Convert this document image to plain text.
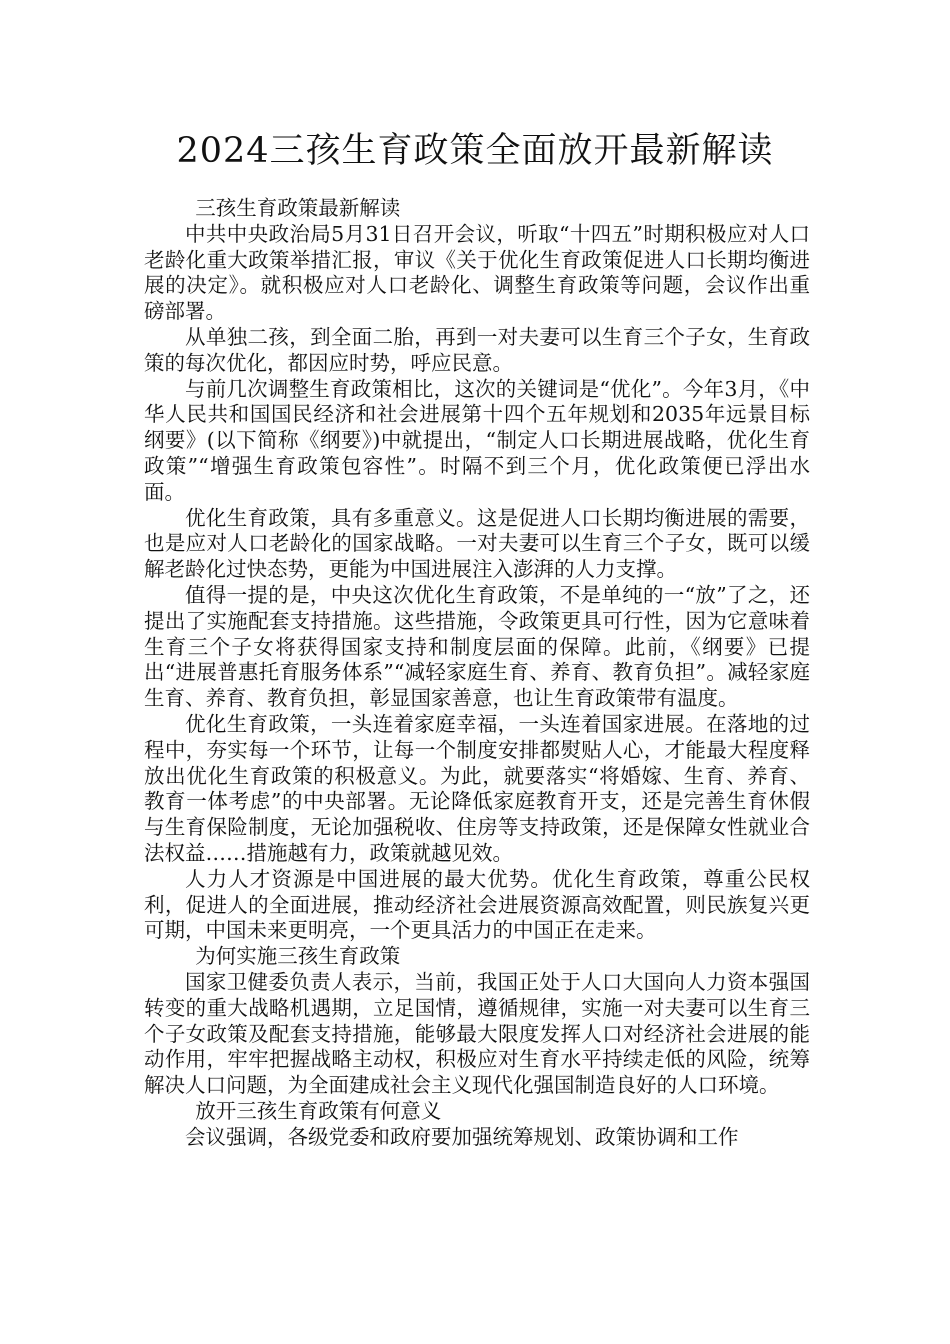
2024三孩生育政策全面放开最新解读

三孩生育政策最新解读

中共中央政治局5月31日召开会议，听取“十四五”时期积极应对人口老龄化重大政策举措汇报，审议《关于优化生育政策促进人口长期均衡进展的决定》。就积极应对人口老龄化、调整生育政策等问题，会议作出重磅部署。

从单独二孩，到全面二胎，再到一对夫妻可以生育三个子女，生育政策的每次优化，都因应时势，呼应民意。

与前几次调整生育政策相比，这次的关键词是“优化”。今年3月，《中华人民共和国国民经济和社会进展第十四个五年规划和2035年远景目标纲要》(以下简称《纲要》)中就提出，“制定人口长期进展战略，优化生育政策”“增强生育政策包容性”。时隔不到三个月，优化政策便已浮出水面。

优化生育政策，具有多重意义。这是促进人口长期均衡进展的需要，也是应对人口老龄化的国家战略。一对夫妻可以生育三个子女，既可以缓解老龄化过快态势，更能为中国进展注入澎湃的人力支撑。

值得一提的是，中央这次优化生育政策，不是单纯的一“放”了之，还提出了实施配套支持措施。这些措施，令政策更具可行性，因为它意味着生育三个子女将获得国家支持和制度层面的保障。此前，《纲要》已提出“进展普惠托育服务体系”“减轻家庭生育、养育、教育负担”。减轻家庭生育、养育、教育负担，彰显国家善意，也让生育政策带有温度。

优化生育政策，一头连着家庭幸福，一头连着国家进展。在落地的过程中，夯实每一个环节，让每一个制度安排都熨贴人心，才能最大程度释放出优化生育政策的积极意义。为此，就要落实“将婚嫁、生育、养育、教育一体考虑”的中央部署。无论降低家庭教育开支，还是完善生育休假与生育保险制度，无论加强税收、住房等支持政策，还是保障女性就业合法权益……措施越有力，政策就越见效。

人力人才资源是中国进展的最大优势。优化生育政策，尊重公民权利，促进人的全面进展，推动经济社会进展资源高效配置，则民族复兴更可期，中国未来更明亮，一个更具活力的中国正在走来。

为何实施三孩生育政策

国家卫健委负责人表示，当前，我国正处于人口大国向人力资本强国转变的重大战略机遇期，立足国情，遵循规律，实施一对夫妻可以生育三个子女政策及配套支持措施，能够最大限度发挥人口对经济社会进展的能动作用，牢牢把握战略主动权，积极应对生育水平持续走低的风险，统筹解决人口问题，为全面建成社会主义现代化强国制造良好的人口环境。

放开三孩生育政策有何意义

会议强调，各级党委和政府要加强统筹规划、政策协调和工作
